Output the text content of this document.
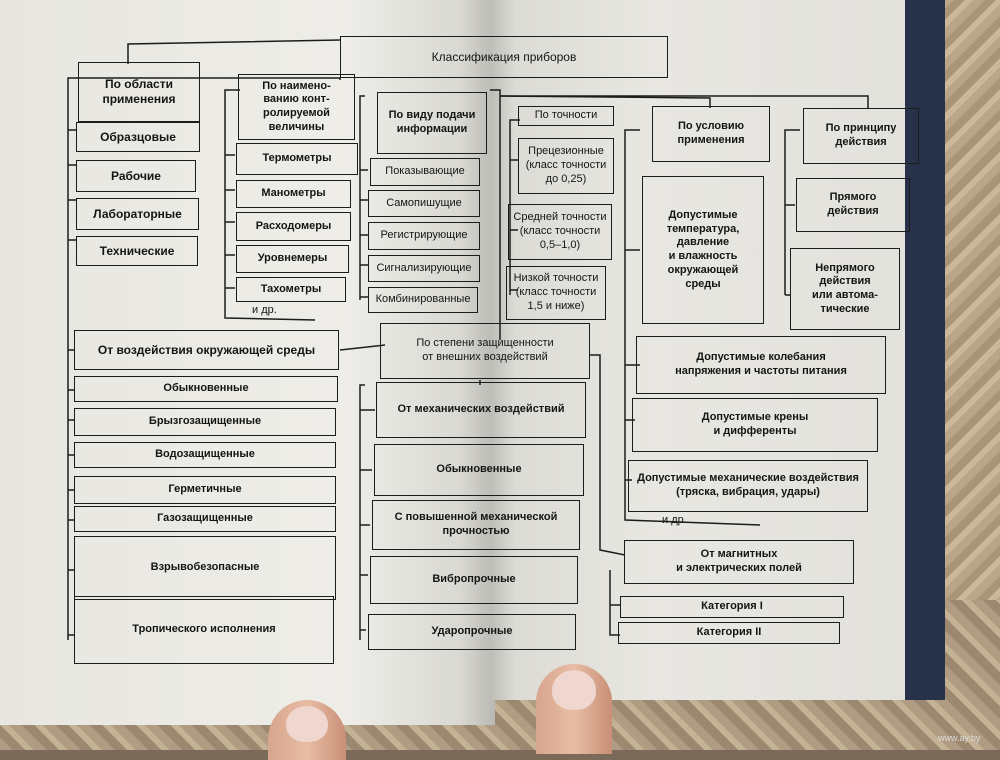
Классификация приборов
По области
применения
Образцовые
Рабочие
Лабораторные
Технические
По наимено-
ванию конт-
ролируемой
величины
Термометры
Манометры
Расходомеры
Уровнемеры
Тахометры
и др.
По виду подачи
информации
Показывающие
Самопишущие
Регистрирующие
Сигнализирующие
Комбинированные
По точности
Прецезионные
(класс точности
до 0,25)
Средней точности
(класс точности
0,5–1,0)
Низкой точности
(класс точности
1,5 и ниже)
По условию
применения
Допустимые
температура,
давление
и влажность
окружающей
среды
Допустимые колебания
напряжения и частоты питания
Допустимые крены
и дифференты
Допустимые механические воздействия
(тряска, вибрация, удары)
и др.
По принципу
действия
Прямого
действия
Непрямого
действия
или автома-
тические
По степени защищенности
от внешних воздействий
От воздействия окружающей среды
Обыкновенные
Брызгозащищенные
Водозащищенные
Герметичные
Газозащищенные
Взрывобезопасные
Тропического исполнения
От механических воздействий
Обыкновенные
С повышенной механической
прочностью
Вибропрочные
Ударопрочные
От магнитных
и электрических полей
Категория I
Категория II
www.ay.by
